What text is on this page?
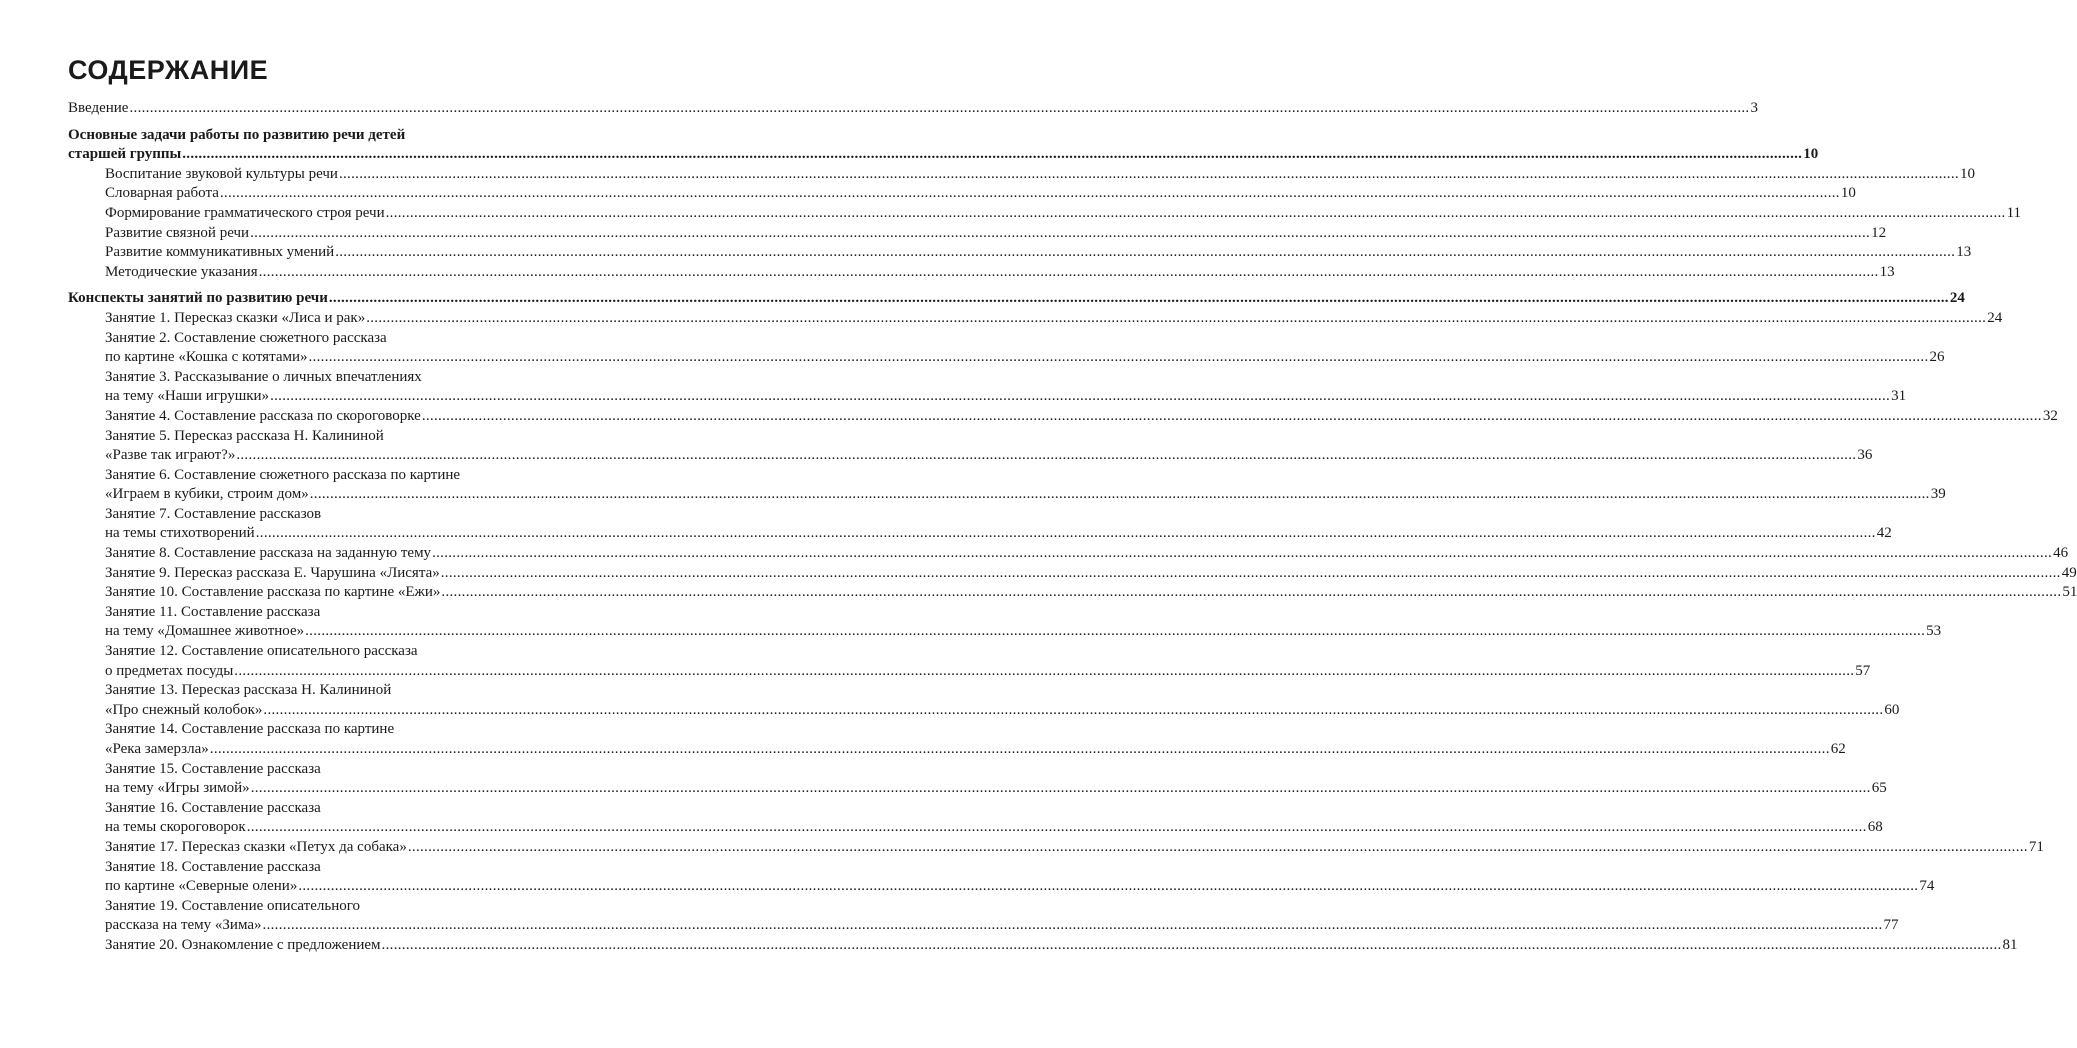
СОДЕРЖАНИЕ
Введение ................................................................................................................................................................................................................................................................................................................................................................................................................ 3
Основные задачи работы по развитию речи детей
старшей группы ................................................................................................................................................................................................................................................................................................................................................................................................................ 10
Воспитание звуковой культуры речи ................................................................................................................................................................................................................................................................................................................................................................................................................ 10
Словарная работа ................................................................................................................................................................................................................................................................................................................................................................................................................ 10
Формирование грамматического строя речи ................................................................................................................................................................................................................................................................................................................................................................................................................ 11
Развитие связной речи ................................................................................................................................................................................................................................................................................................................................................................................................................ 12
Развитие коммуникативных умений ................................................................................................................................................................................................................................................................................................................................................................................................................ 13
Методические указания ................................................................................................................................................................................................................................................................................................................................................................................................................ 13
Конспекты занятий по развитию речи ................................................................................................................................................................................................................................................................................................................................................................................................................ 24
Занятие 1. Пересказ сказки «Лиса и рак» ................................................................................................................................................................................................................................................................................................................................................................................................................ 24
Занятие 2. Составление сюжетного рассказа
по картине «Кошка с котятами» ................................................................................................................................................................................................................................................................................................................................................................................................................ 26
Занятие 3. Рассказывание о личных впечатлениях
на тему «Наши игрушки» ................................................................................................................................................................................................................................................................................................................................................................................................................ 31
Занятие 4. Составление рассказа по скороговорке ................................................................................................................................................................................................................................................................................................................................................................................................................ 32
Занятие 5. Пересказ рассказа Н. Калининой
«Разве так играют?» ................................................................................................................................................................................................................................................................................................................................................................................................................ 36
Занятие 6. Составление сюжетного рассказа по картине
«Играем в кубики, строим дом» ................................................................................................................................................................................................................................................................................................................................................................................................................ 39
Занятие 7. Составление рассказов
на темы стихотворений ................................................................................................................................................................................................................................................................................................................................................................................................................ 42
Занятие 8. Составление рассказа на заданную тему ................................................................................................................................................................................................................................................................................................................................................................................................................ 46
Занятие 9. Пересказ рассказа Е. Чарушина «Лисята» ................................................................................................................................................................................................................................................................................................................................................................................................................ 49
Занятие 10. Составление рассказа по картине «Ежи» ................................................................................................................................................................................................................................................................................................................................................................................................................ 51
Занятие 11. Составление рассказа
на тему «Домашнее животное» ................................................................................................................................................................................................................................................................................................................................................................................................................ 53
Занятие 12. Составление описательного рассказа
о предметах посуды ................................................................................................................................................................................................................................................................................................................................................................................................................ 57
Занятие 13. Пересказ рассказа Н. Калининой
«Про снежный колобок» ................................................................................................................................................................................................................................................................................................................................................................................................................ 60
Занятие 14. Составление рассказа по картине
«Река замерзла» ................................................................................................................................................................................................................................................................................................................................................................................................................ 62
Занятие 15. Составление рассказа
на тему «Игры зимой» ................................................................................................................................................................................................................................................................................................................................................................................................................ 65
Занятие 16. Составление рассказа
на темы скороговорок ................................................................................................................................................................................................................................................................................................................................................................................................................ 68
Занятие 17. Пересказ сказки «Петух да собака» ................................................................................................................................................................................................................................................................................................................................................................................................................ 71
Занятие 18. Составление рассказа
по картине «Северные олени» ................................................................................................................................................................................................................................................................................................................................................................................................................ 74
Занятие 19. Составление описательного
рассказа на тему «Зима» ................................................................................................................................................................................................................................................................................................................................................................................................................ 77
Занятие 20. Ознакомление с предложением ................................................................................................................................................................................................................................................................................................................................................................................................................ 81
